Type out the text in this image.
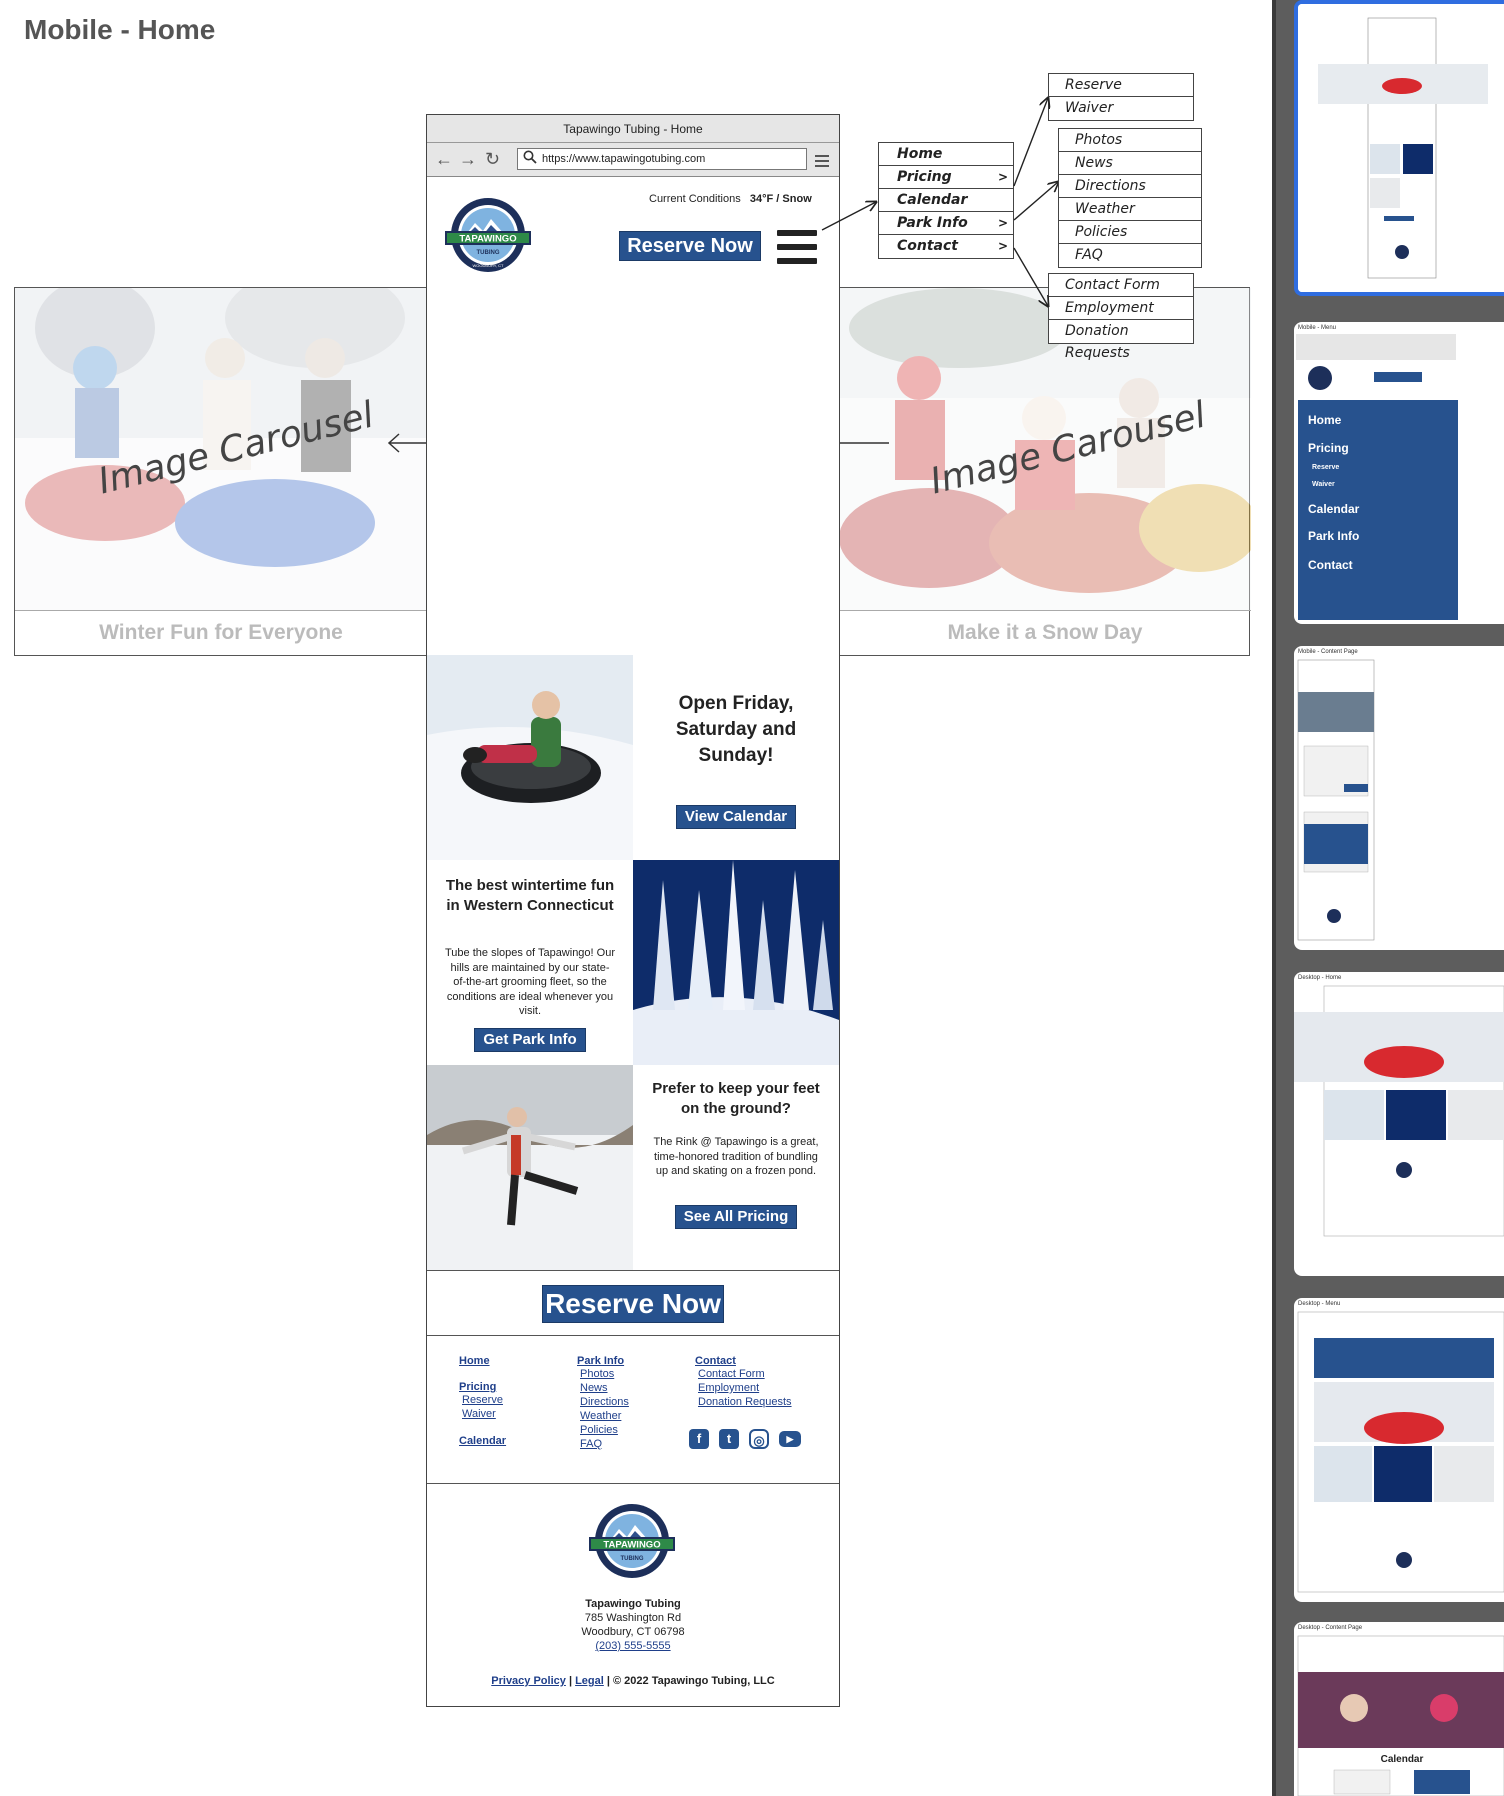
Mobile - Home
Image Carousel	Image Carousel
Winter Fun for Everyone	Make it a Snow Day
Tapawingo Tubing - Home
← → ↻	https://www.tapawingotubing.com
Current Conditions 34°F / Snow
TAPAWINGO
TUBING
WOODBURY, CT
Reserve Now
Open Friday, Saturday and Sunday!
View Calendar
The best wintertime fun in Western Connecticut
Tube the slopes of Tapawingo! Our hills are maintained by our state-of-the-art grooming fleet, so the conditions are ideal whenever you visit.
Get Park Info
Prefer to keep your feet on the ground?
The Rink @ Tapawingo is a great, time-honored tradition of bundling up and skating on a frozen pond.
See All Pricing
Reserve Now
Home
Pricing
Reserve
Waiver
Calendar
Park Info
Photos
News
Directions
Weather
Policies
FAQ
Contact
Contact Form
Employment
Donation Requests
f	t	◎	▶
TAPAWINGO
TUBING
Tapawingo Tubing
785 Washington Rd
Woodbury, CT 06798
(203) 555-5555
Privacy Policy | Legal | © 2022 Tapawingo Tubing, LLC
Home
Pricing	>
Calendar
Park Info	>
Contact	>
Reserve
Waiver
Photos
News
Directions
Weather
Policies
FAQ
Contact Form
Employment
Donation Requests
Mobile - Menu
Home
Pricing
Reserve
Waiver
Calendar
Park Info
Contact
Mobile - Content Page
Desktop - Home
Desktop - Menu
Desktop - Content Page
Calendar
